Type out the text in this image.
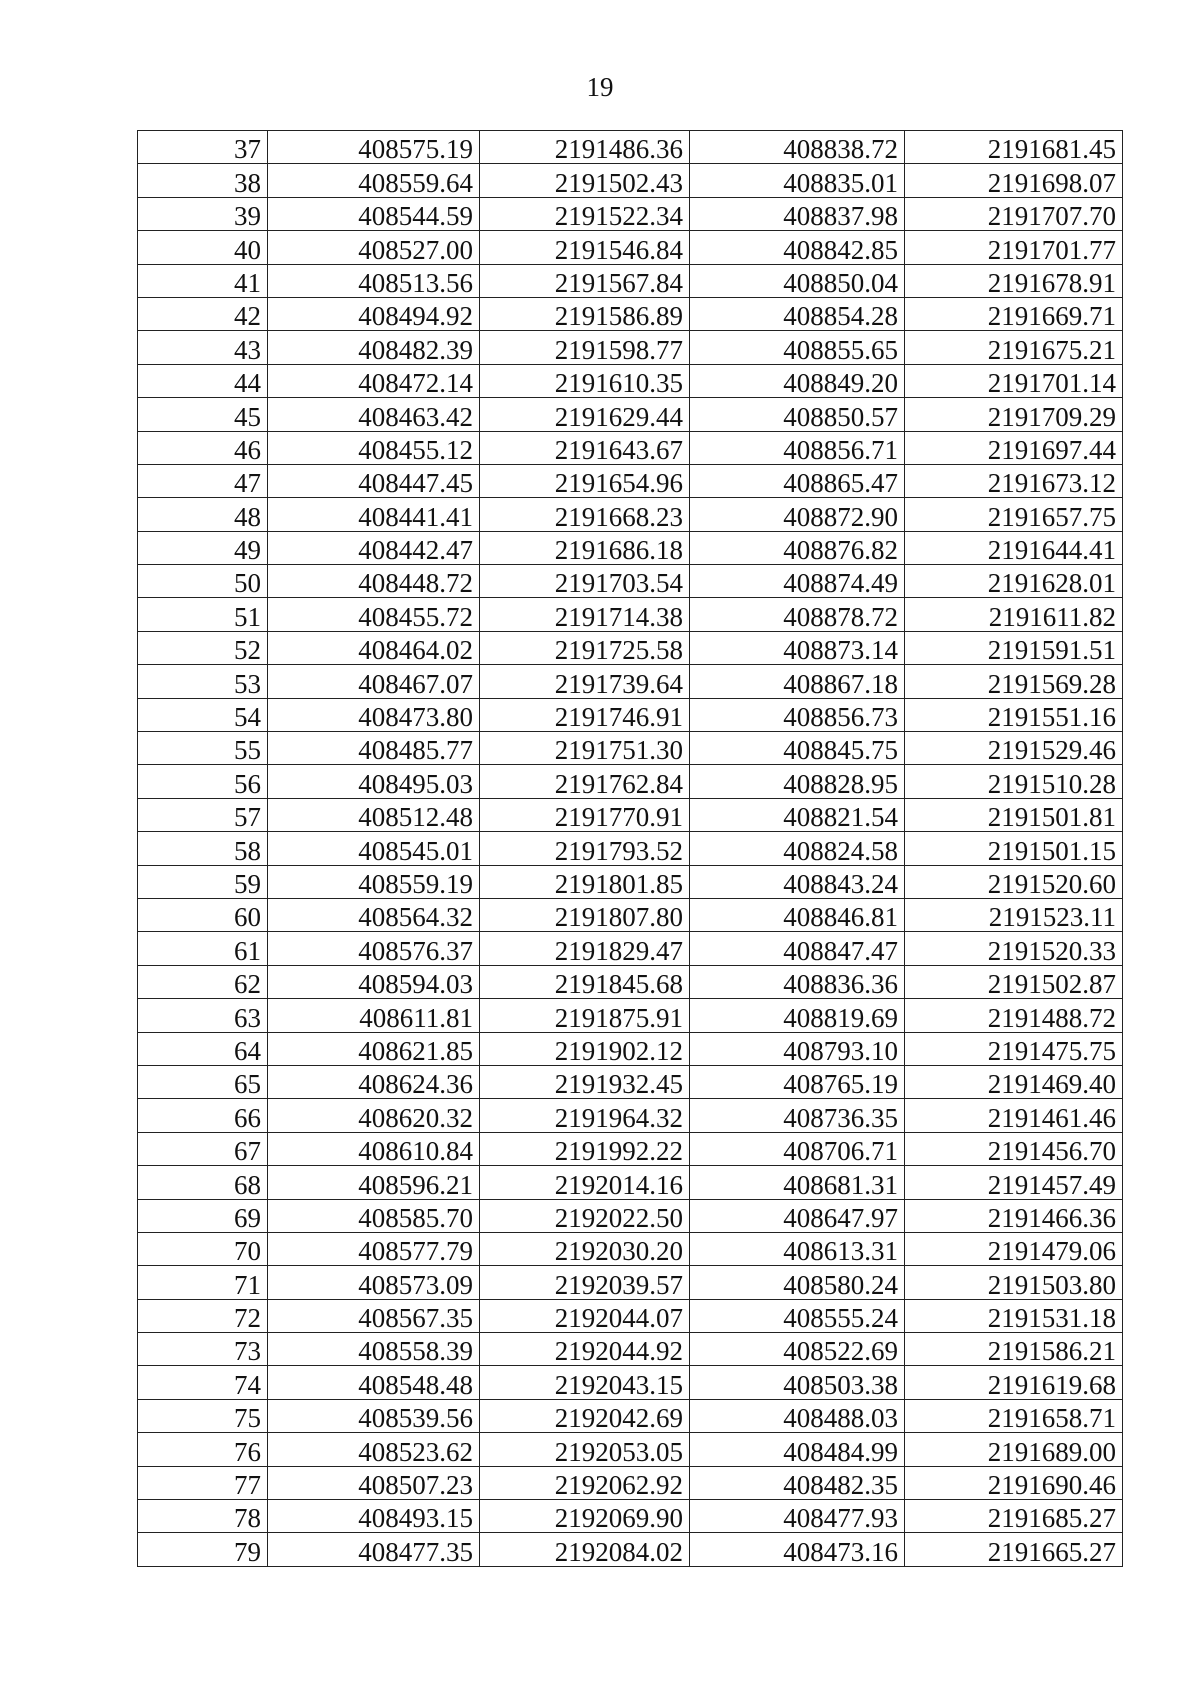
19
37	408575.19	2191486.36	408838.72	2191681.45
38	408559.64	2191502.43	408835.01	2191698.07
39	408544.59	2191522.34	408837.98	2191707.70
40	408527.00	2191546.84	408842.85	2191701.77
41	408513.56	2191567.84	408850.04	2191678.91
42	408494.92	2191586.89	408854.28	2191669.71
43	408482.39	2191598.77	408855.65	2191675.21
44	408472.14	2191610.35	408849.20	2191701.14
45	408463.42	2191629.44	408850.57	2191709.29
46	408455.12	2191643.67	408856.71	2191697.44
47	408447.45	2191654.96	408865.47	2191673.12
48	408441.41	2191668.23	408872.90	2191657.75
49	408442.47	2191686.18	408876.82	2191644.41
50	408448.72	2191703.54	408874.49	2191628.01
51	408455.72	2191714.38	408878.72	2191611.82
52	408464.02	2191725.58	408873.14	2191591.51
53	408467.07	2191739.64	408867.18	2191569.28
54	408473.80	2191746.91	408856.73	2191551.16
55	408485.77	2191751.30	408845.75	2191529.46
56	408495.03	2191762.84	408828.95	2191510.28
57	408512.48	2191770.91	408821.54	2191501.81
58	408545.01	2191793.52	408824.58	2191501.15
59	408559.19	2191801.85	408843.24	2191520.60
60	408564.32	2191807.80	408846.81	2191523.11
61	408576.37	2191829.47	408847.47	2191520.33
62	408594.03	2191845.68	408836.36	2191502.87
63	408611.81	2191875.91	408819.69	2191488.72
64	408621.85	2191902.12	408793.10	2191475.75
65	408624.36	2191932.45	408765.19	2191469.40
66	408620.32	2191964.32	408736.35	2191461.46
67	408610.84	2191992.22	408706.71	2191456.70
68	408596.21	2192014.16	408681.31	2191457.49
69	408585.70	2192022.50	408647.97	2191466.36
70	408577.79	2192030.20	408613.31	2191479.06
71	408573.09	2192039.57	408580.24	2191503.80
72	408567.35	2192044.07	408555.24	2191531.18
73	408558.39	2192044.92	408522.69	2191586.21
74	408548.48	2192043.15	408503.38	2191619.68
75	408539.56	2192042.69	408488.03	2191658.71
76	408523.62	2192053.05	408484.99	2191689.00
77	408507.23	2192062.92	408482.35	2191690.46
78	408493.15	2192069.90	408477.93	2191685.27
79	408477.35	2192084.02	408473.16	2191665.27
